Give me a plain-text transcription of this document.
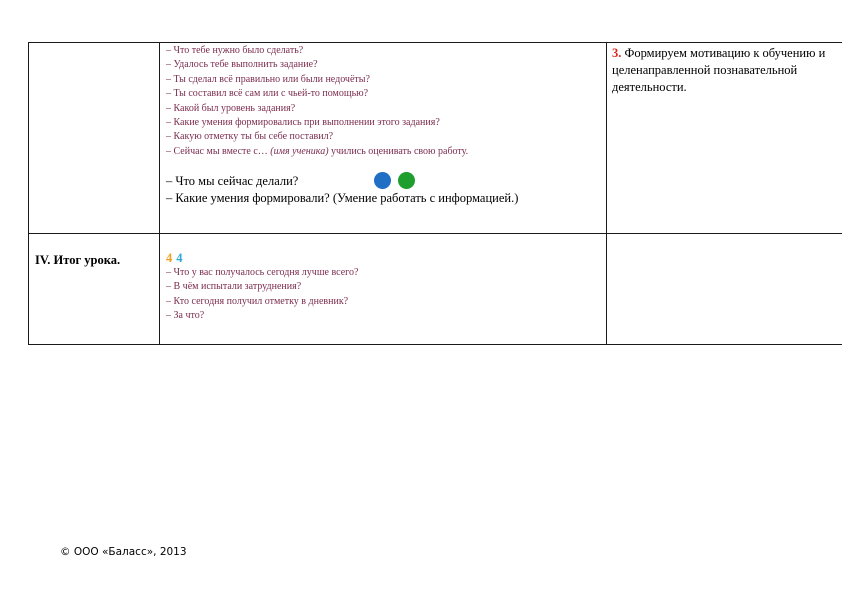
– Что тебе нужно было сделать?
– Удалось тебе выполнить задание?
– Ты сделал всё правильно или были недочёты?
– Ты составил всё сам или с чьей-то помощью?
– Какой был уровень задания?
– Какие умения формировались при выполнении этого задания?
– Какую отметку ты бы себе поставил?
– Сейчас мы вместе с… (имя ученика) учились оценивать свою работу.
– Что мы сейчас делали?
– Какие умения формировали? (Умение работать с информацией.)
3. Формируем мотивацию к обучению и целенаправленной познавательной деятельности.
IV. Итог урока.	4 4
– Что у вас получалось сегодня лучше всего?
– В чём испытали затруднения?
– Кто сегодня получил отметку в дневник?
– За что?
© ООО «Баласс», 2013
